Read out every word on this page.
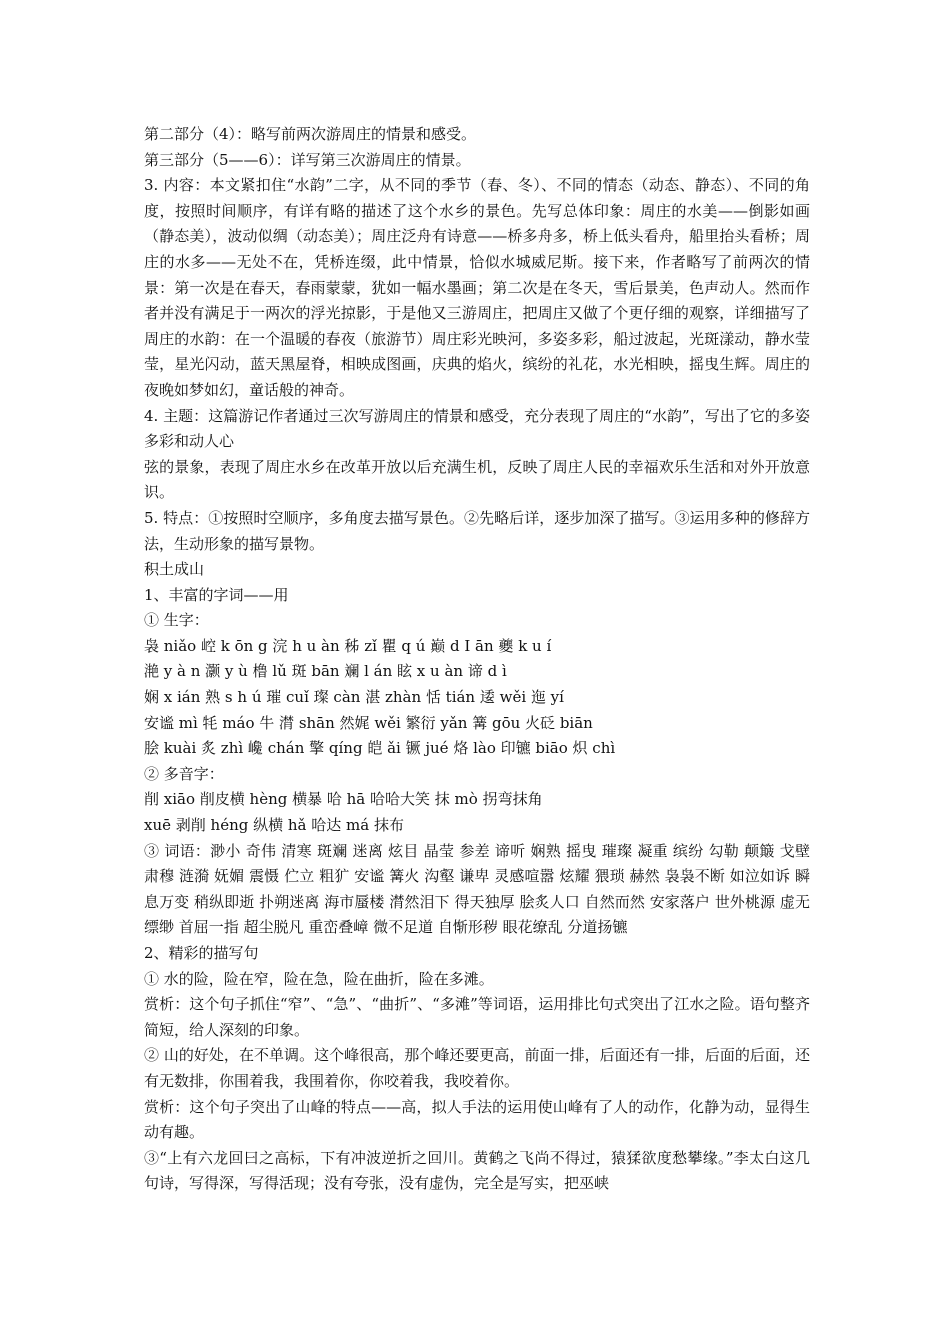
第二部分（4）：略写前两次游周庄的情景和感受。
第三部分（5——6）：详写第三次游周庄的情景。
3. 内容：本文紧扣住“水韵”二字，从不同的季节（春、冬）、不同的情态（动态、静态）、不同的角度，按照时间顺序，有详有略的描述了这个水乡的景色。先写总体印象：周庄的水美——倒影如画（静态美），波动似绸（动态美）；周庄泛舟有诗意——桥多舟多，桥上低头看舟，船里抬头看桥；周庄的水多——无处不在，凭桥连缀，此中情景，恰似水城威尼斯。接下来，作者略写了前两次的情景：第一次是在春天，春雨蒙蒙，犹如一幅水墨画；第二次是在冬天，雪后景美，色声动人。然而作者并没有满足于一两次的浮光掠影，于是他又三游周庄，把周庄又做了个更仔细的观察，详细描写了周庄的水韵：在一个温暖的春夜（旅游节）周庄彩光映河，多姿多彩，船过波起，光斑漾动，静水莹莹，星光闪动，蓝天黑屋脊，相映成图画，庆典的焰火，缤纷的礼花，水光相映，摇曳生辉。周庄的夜晚如梦如幻，童话般的神奇。
4. 主题：这篇游记作者通过三次写游周庄的情景和感受，充分表现了周庄的“水韵”，写出了它的多姿多彩和动人心
弦的景象，表现了周庄水乡在改革开放以后充满生机，反映了周庄人民的幸福欢乐生活和对外开放意识。
5. 特点：①按照时空顺序，多角度去描写景色。②先略后详，逐步加深了描写。③运用多种的修辞方法，生动形象的描写景物。
积土成山
1、丰富的字词——用
① 生字：
袅 niǎo 崆 k ōn g 浣 h u àn 秭 zǐ 瞿 q ú 巅 d I ān 夔 k u í
滟 y à n 灏 y ù 橹 lǔ 斑 bān 斓 l án 眩 x u àn 谛 d ì
娴 x ián 熟 s h ú 璀 cuǐ 璨 càn 湛 zhàn 恬 tián 逶 wěi 迤 yí
安谧 mì 牦 máo 牛 潸 shān 然娓 wěi 繁衍 yǎn 篝 gōu 火砭 biān
脍 kuài 炙 zhì 巉 chán 擎 qíng 皑 ǎi 镢 jué 烙 lào 印镳 biāo 炽 chì
② 多音字：
削 xiāo 削皮横 hèng 横暴 哈 hā 哈哈大笑 抹 mò 拐弯抹角
xuē 剥削 héng 纵横 hǎ 哈达 má 抹布
③ 词语：渺小 奇伟 清寒 斑斓 迷离 炫目 晶莹 参差 谛听 娴熟 摇曳 璀璨 凝重 缤纷 勾勒 颠簸 戈壁 肃穆 涟漪 妩媚 震慑 伫立 粗犷 安谧 篝火 沟壑 谦卑 灵感喧嚣 炫耀 猥琐 赫然 袅袅不断 如泣如诉 瞬息万变 稍纵即逝 扑朔迷离 海市蜃楼 潸然泪下 得天独厚 脍炙人口 自然而然 安家落户 世外桃源 虚无缥缈 首屈一指 超尘脱凡 重峦叠嶂 微不足道 自惭形秽 眼花缭乱 分道扬镳
2、精彩的描写句
① 水的险，险在窄，险在急，险在曲折，险在多滩。
赏析：这个句子抓住“窄”、“急”、“曲折”、“多滩”等词语，运用排比句式突出了江水之险。语句整齐简短，给人深刻的印象。
② 山的好处，在不单调。这个峰很高，那个峰还要更高，前面一排，后面还有一排，后面的后面，还有无数排，你围着我，我围着你，你咬着我，我咬着你。
赏析：这个句子突出了山峰的特点——高，拟人手法的运用使山峰有了人的动作，化静为动，显得生动有趣。
③“上有六龙回曰之高标，下有冲波逆折之回川。黄鹤之飞尚不得过，猿猱欲度愁攀缘。”李太白这几句诗，写得深，写得活现；没有夸张，没有虚伪，完全是写实，把巫峡
